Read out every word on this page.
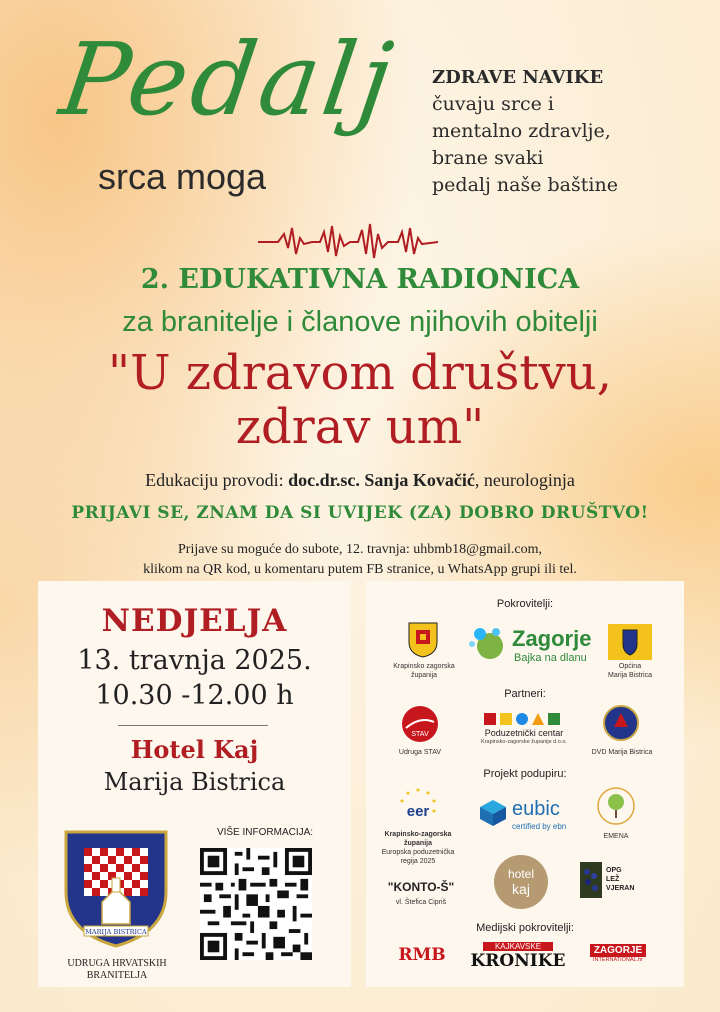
Pedalj
srca moga
ZDRAVE NAVIKE
čuvaju srce i
mentalno zdravlje,
brane svaki
pedalj naše baštine
2. EDUKATIVNA RADIONICA
za branitelje i članove njihovih obitelji
"U zdravom društvu,
zdrav um"
Edukaciju provodi: doc.dr.sc. Sanja Kovačić, neurologinja
PRIJAVI SE, ZNAM DA SI UVIJEK (ZA) DOBRO DRUŠTVO!
Prijave su moguće do subote, 12. travnja: uhbmb18@gmail.com,
klikom na QR kod, u komentaru putem FB stranice, u WhatsApp grupi ili tel.
NEDJELJA
13. travnja 2025.
10.30 -12.00 h
Hotel Kaj
Marija Bistrica
MARIJA BISTRICA
UDRUGA HRVATSKIH
BRANITELJA
VIŠE INFORMACIJA:
Pokrovitelji:
Krapinsko zagorska
županija
Zagorje
Bajka na dlanu
Općina
Marija Bistrica
Partneri:
STAV
Udruga STAV
Poduzetnički centar
Krapinsko-zagorske županije d.o.o.
DVD Marija Bistrica
Projekt podupiru:
eer
Krapinsko-zagorska
županija
Europska poduzetnička
regija 2025
eubic
certified by ebn
EMENA
"KONTO-Š"
vl. Štefica Cipriš
hotel
kaj
OPG
LEŽ
VJERAN
Medijski pokrovitelji:
RMB	KAJKAVSKE
KRONIKE
ZAGORJE
INTERNATIONAL.hr
